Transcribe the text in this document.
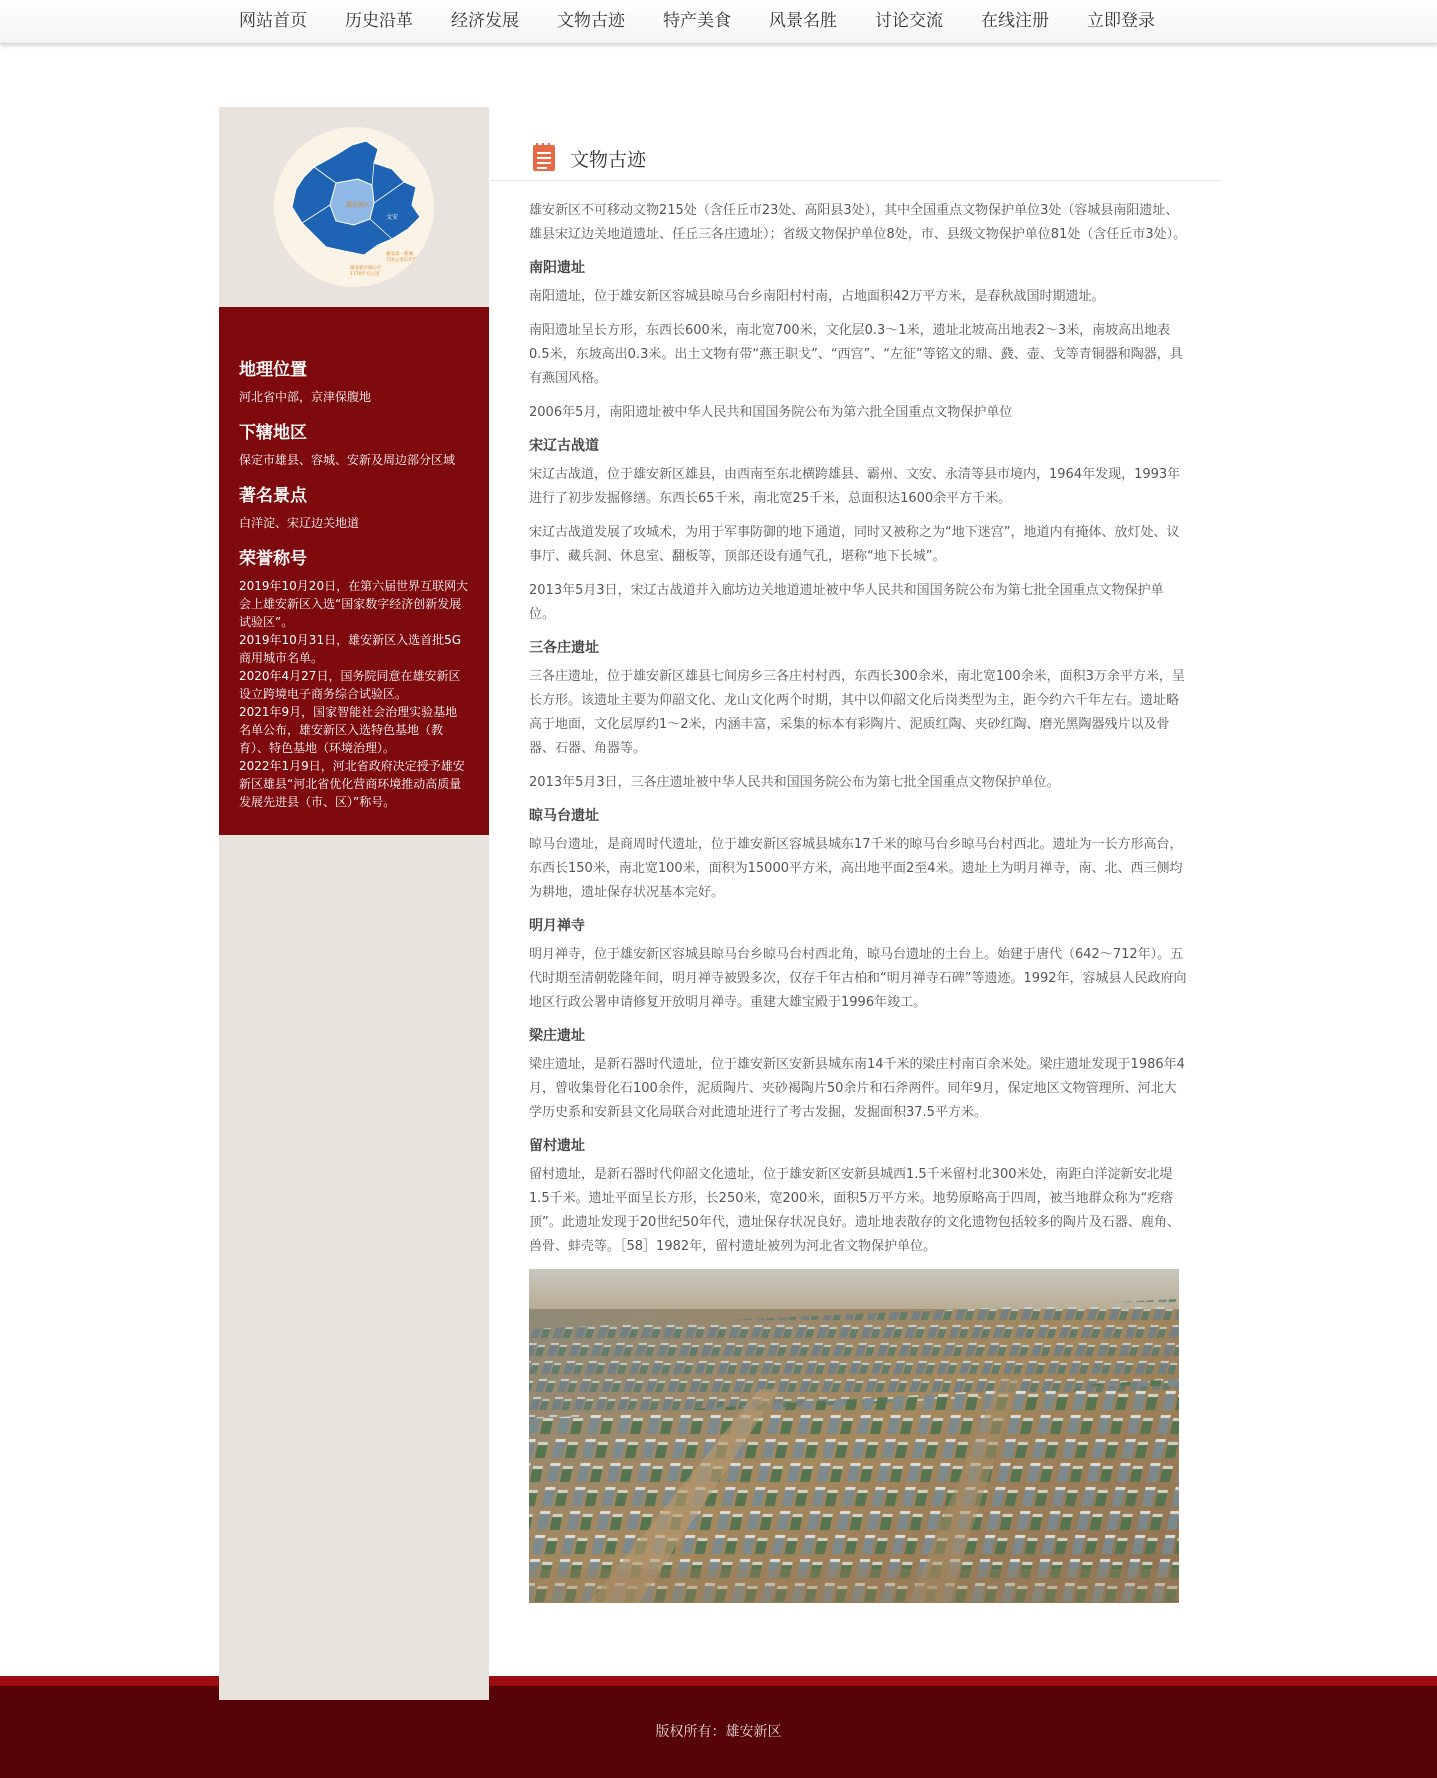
网站首页	历史沿革	经济发展	文物古迹	特产美食	风景名胜	讨论交流	在线注册	立即登录
雄安新区
文安
雄安第一新城
750公里东北部
雄安新区核心区
1770平方公里
地理位置

河北省中部，京津保腹地

下辖地区

保定市雄县、容城、安新及周边部分区域

著名景点

白洋淀、宋辽边关地道

荣誉称号
2019年10月20日，在第六届世界互联网大会上雄安新区入选“国家数字经济创新发展试验区”。
2019年10月31日，雄安新区入选首批5G商用城市名单。
2020年4月27日，国务院同意在雄安新区设立跨境电子商务综合试验区。
2021年9月，国家智能社会治理实验基地名单公布，雄安新区入选特色基地（教育）、特色基地（环境治理）。
2022年1月9日，河北省政府决定授予雄安新区雄县“河北省优化营商环境推动高质量发展先进县（市、区）”称号。
文物古迹

雄安新区不可移动文物215处（含任丘市23处、高阳县3处），其中全国重点文物保护单位3处（容城县南阳遗址、雄县宋辽边关地道遗址、任丘三各庄遗址）；省级文物保护单位8处，市、县级文物保护单位81处（含任丘市3处）。

南阳遗址

南阳遗址，位于雄安新区容城县晾马台乡南阳村村南，占地面积42万平方米，是春秋战国时期遗址。

南阳遗址呈长方形，东西长600米，南北宽700米，文化层0.3～1米，遗址北坡高出地表2～3米，南坡高出地表0.5米，东坡高出0.3米。出土文物有带“燕王职戈”、“西宫”、“左征”等铭文的鼎、鼗、壶、戈等青铜器和陶器，具有燕国风格。

2006年5月，南阳遗址被中华人民共和国国务院公布为第六批全国重点文物保护单位

宋辽古战道

宋辽古战道，位于雄安新区雄县，由西南至东北横跨雄县、霸州、文安、永清等县市境内，1964年发现，1993年进行了初步发掘修缮。东西长65千米，南北宽25千米，总面积达1600余平方千米。

宋辽古战道发展了攻城术，为用于军事防御的地下通道，同时又被称之为“地下迷宫”，地道内有掩体、放灯处、议事厅、藏兵洞、休息室、翻板等，顶部还设有通气孔，堪称“地下长城”。

2013年5月3日，宋辽古战道并入廊坊边关地道遗址被中华人民共和国国务院公布为第七批全国重点文物保护单位。

三各庄遗址

三各庄遗址，位于雄安新区雄县七间房乡三各庄村村西，东西长300余米，南北宽100余米，面积3万余平方米，呈长方形。该遗址主要为仰韶文化、龙山文化两个时期，其中以仰韶文化后岗类型为主，距今约六千年左右。遗址略高于地面，文化层厚约1～2米，内涵丰富，采集的标本有彩陶片、泥质红陶、夹砂红陶、磨光黑陶器残片以及骨器、石器、角器等。

2013年5月3日，三各庄遗址被中华人民共和国国务院公布为第七批全国重点文物保护单位。

晾马台遗址

晾马台遗址，是商周时代遗址，位于雄安新区容城县城东17千米的晾马台乡晾马台村西北。遗址为一长方形高台，东西长150米，南北宽100米，面积为15000平方米，高出地平面2至4米。遗址上为明月禅寺，南、北、西三侧均为耕地，遗址保存状况基本完好。

明月禅寺

明月禅寺，位于雄安新区容城县晾马台乡晾马台村西北角，晾马台遗址的土台上。始建于唐代（642～712年）。五代时期至清朝乾隆年间，明月禅寺被毁多次，仅存千年古柏和“明月禅寺石碑”等遗迹。1992年，容城县人民政府向地区行政公署申请修复开放明月禅寺。重建大雄宝殿于1996年竣工。

梁庄遗址

梁庄遗址，是新石器时代遗址，位于雄安新区安新县城东南14千米的梁庄村南百余米处。梁庄遗址发现于1986年4月，曾收集骨化石100余件，泥质陶片、夹砂褐陶片50余片和石斧两件。同年9月，保定地区文物管理所、河北大学历史系和安新县文化局联合对此遗址进行了考古发掘，发掘面积37.5平方米。

留村遗址

留村遗址，是新石器时代仰韶文化遗址，位于雄安新区安新县城西1.5千米留村北300米处，南距白洋淀新安北堤1.5千米。遗址平面呈长方形，长250米，宽200米，面积5万平方米。地势原略高于四周，被当地群众称为“疙瘩顶”。此遗址发现于20世纪50年代，遗址保存状况良好。遗址地表散存的文化遗物包括较多的陶片及石器、鹿角、兽骨、蚌壳等。［58］1982年，留村遗址被列为河北省文物保护单位。

版权所有：雄安新区
